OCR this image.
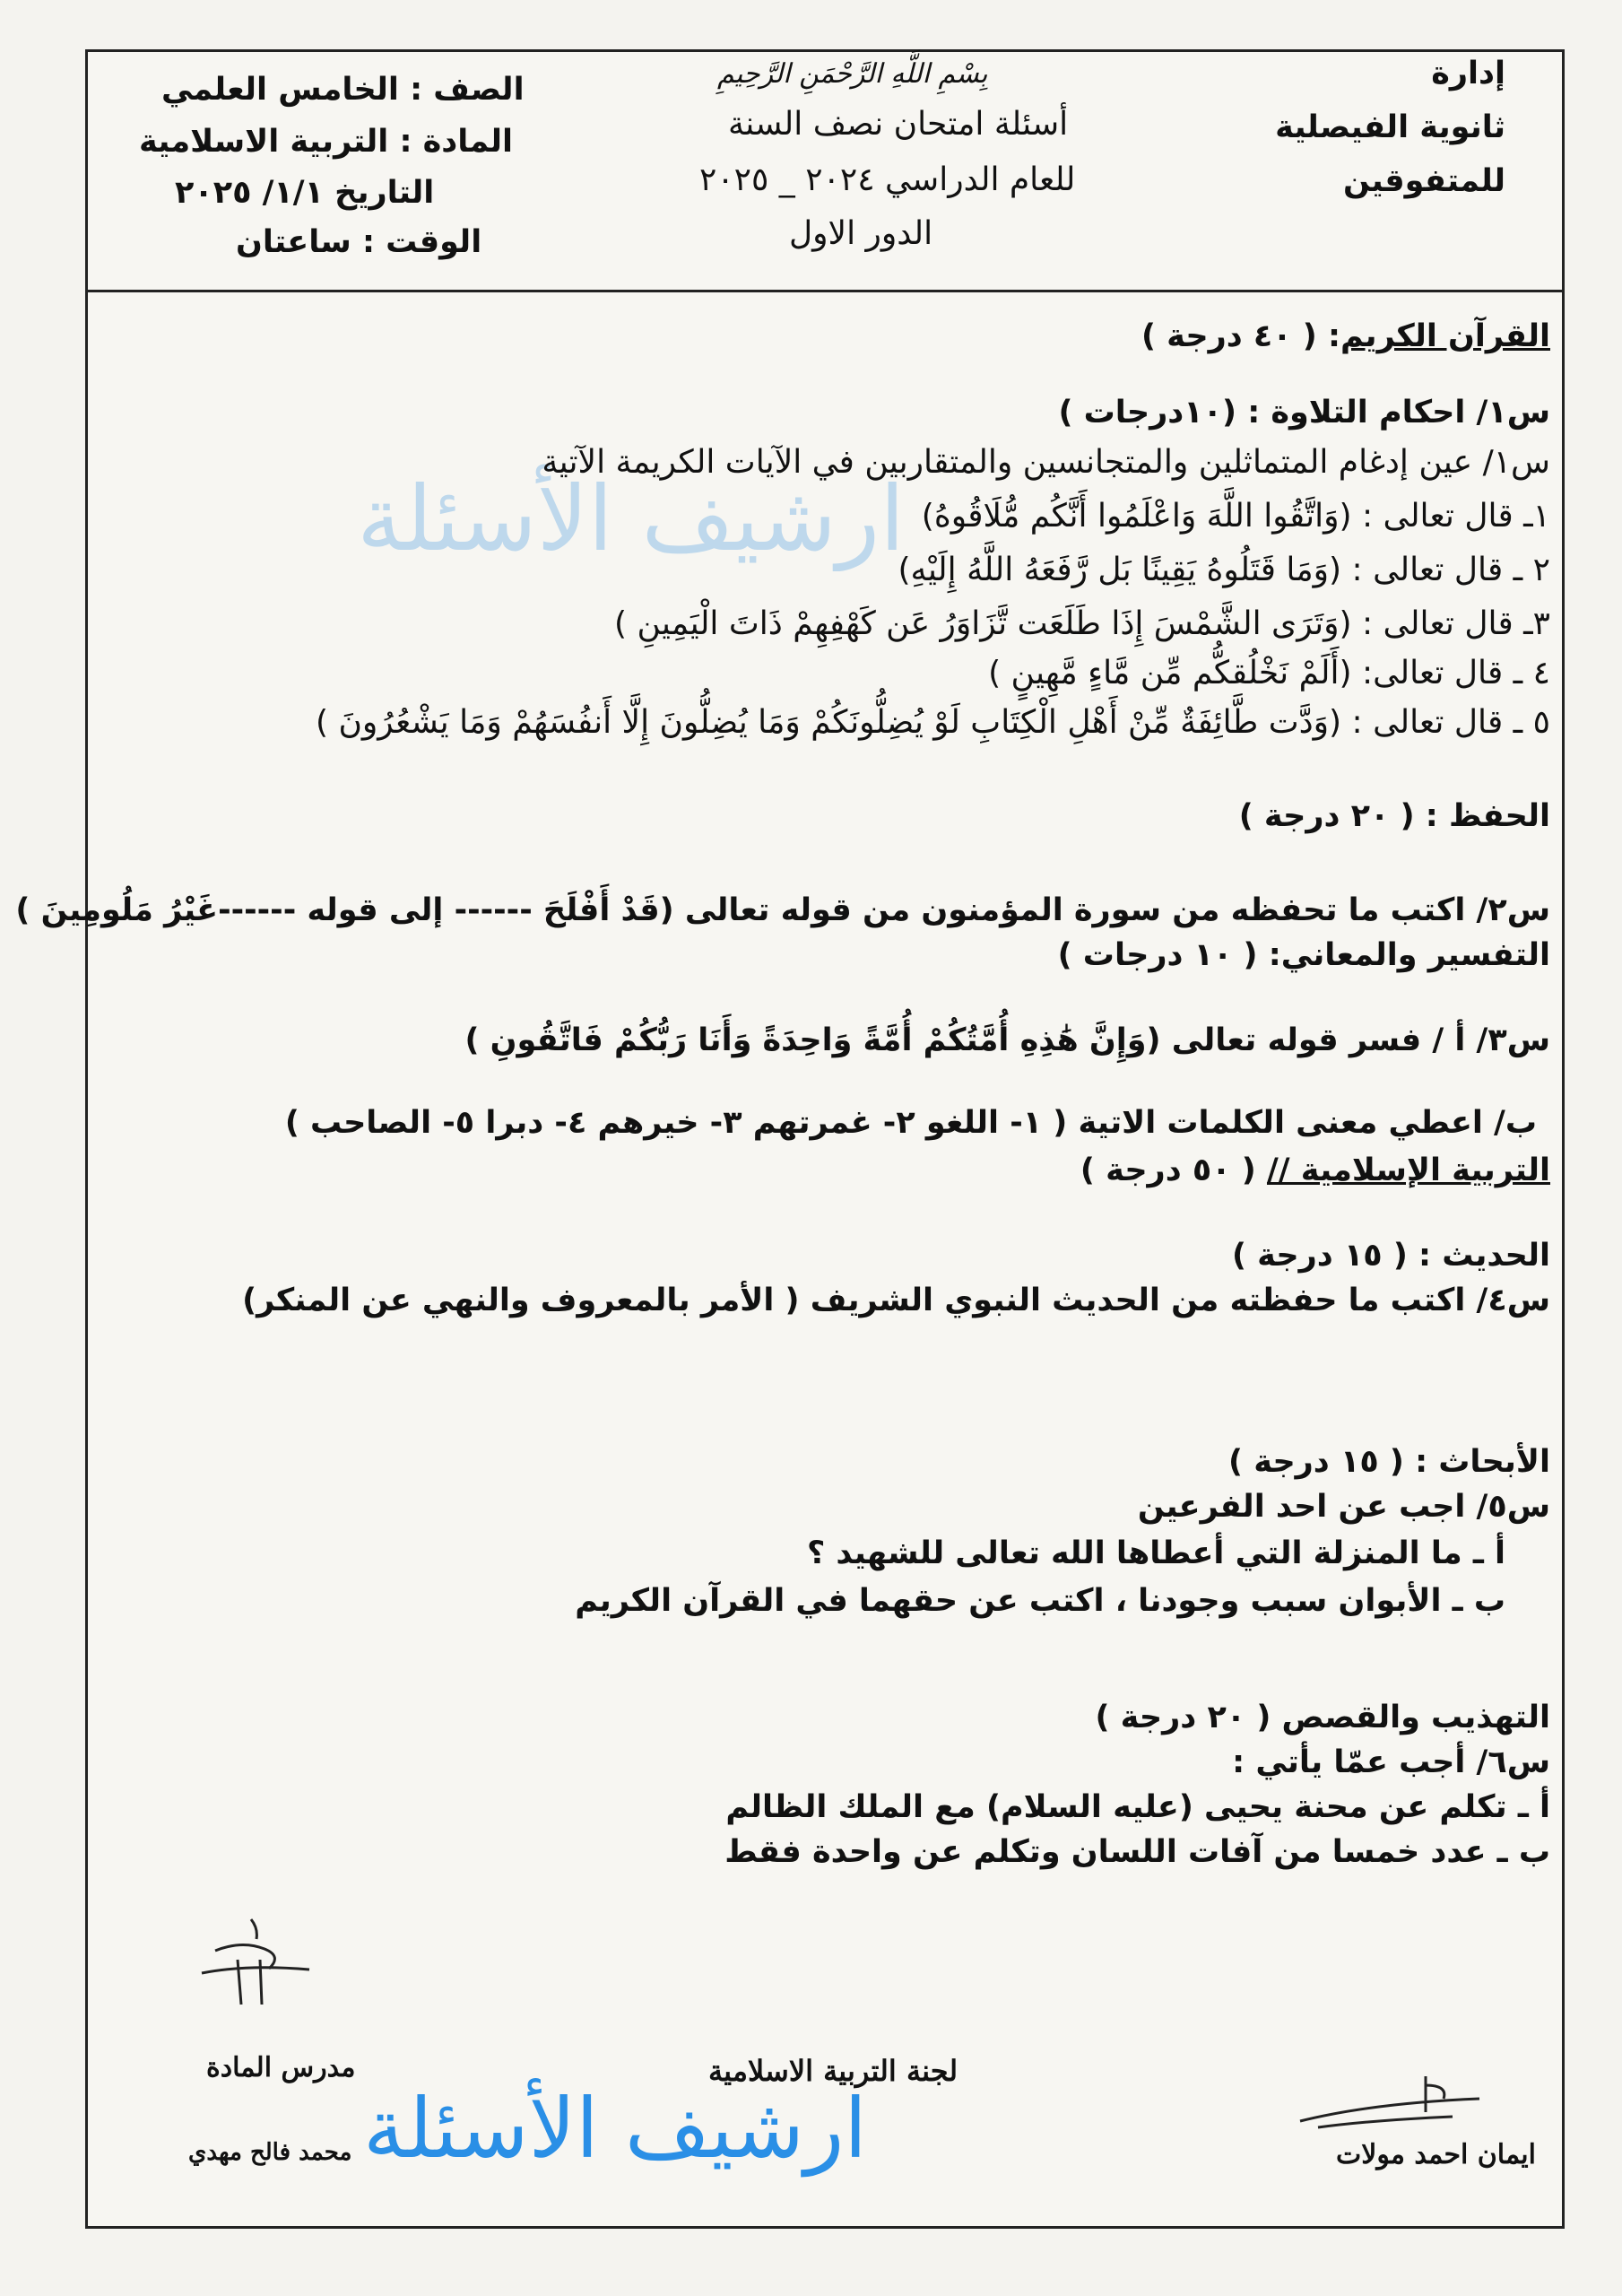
إدارة
ثانوية الفيصلية
للمتفوقين
بِسْمِ اللَّهِ الرَّحْمَنِ الرَّحِيمِ
أسئلة امتحان نصف السنة
للعام الدراسي ٢٠٢٤ _ ٢٠٢٥
الدور الاول
الصف : الخامس العلمي
المادة : التربية الاسلامية
التاريخ ١/١/ ٢٠٢٥
الوقت : ساعتان
ارشيف الأسئلة
القرآن الكريم: ( ٤٠ درجة )
س١/ احكام التلاوة : (١٠درجات )
س١/ عين إدغام المتماثلين والمتجانسين والمتقاربين في الآيات الكريمة الآتية
١ـ قال تعالى : (وَاتَّقُوا اللَّهَ وَاعْلَمُوا أَنَّكُم مُّلَاقُوهُ)
٢ ـ قال تعالى : (وَمَا قَتَلُوهُ يَقِينًا بَل رَّفَعَهُ اللَّهُ إِلَيْهِ)
٣ـ قال تعالى : (وَتَرَى الشَّمْسَ إِذَا طَلَعَت تَّزَاوَرُ عَن كَهْفِهِمْ ذَاتَ الْيَمِينِ )
٤ ـ قال تعالى: (أَلَمْ نَخْلُقكُّم مِّن مَّاءٍ مَّهِينٍ )
٥ ـ قال تعالى : (وَدَّت طَّائِفَةٌ مِّنْ أَهْلِ الْكِتَابِ لَوْ يُضِلُّونَكُمْ وَمَا يُضِلُّونَ إِلَّا أَنفُسَهُمْ وَمَا يَشْعُرُونَ )
الحفظ : ( ٢٠ درجة )
س٢/ اكتب ما تحفظه من سورة المؤمنون من قوله تعالى (قَدْ أَفْلَحَ ------ إلى قوله ------غَيْرُ مَلُومِينَ )
التفسير والمعاني: ( ١٠ درجات )
س٣/ أ / فسر قوله تعالى (وَإِنَّ هَٰذِهِ أُمَّتُكُمْ أُمَّةً وَاحِدَةً وَأَنَا رَبُّكُمْ فَاتَّقُونِ )
ب/ اعطي معنى الكلمات الاتية ( ١- اللغو ٢- غمرتهم ٣- خيرهم ٤- دبرا ٥- الصاحب )
التربية الإسلامية // ( ٥٠ درجة )
الحديث : ( ١٥ درجة )
س٤/ اكتب ما حفظته من الحديث النبوي الشريف ( الأمر بالمعروف والنهي عن المنكر)
الأبحاث : ( ١٥ درجة )
س٥/ اجب عن احد الفرعين
أ ـ ما المنزلة التي أعطاها الله تعالى للشهيد ؟
ب ـ الأبوان سبب وجودنا ، اكتب عن حقهما في القرآن الكريم
التهذيب والقصص ( ٢٠ درجة )
س٦/ أجب عمّا يأتي :
أ ـ تكلم عن محنة يحيى (عليه السلام) مع الملك الظالم
ب ـ عدد خمسا من آفات اللسان وتكلم عن واحدة فقط
مدرس المادة
محمد فالح مهدي
لجنة التربية الاسلامية
ايمان احمد مولات
ارشيف الأسئلة
